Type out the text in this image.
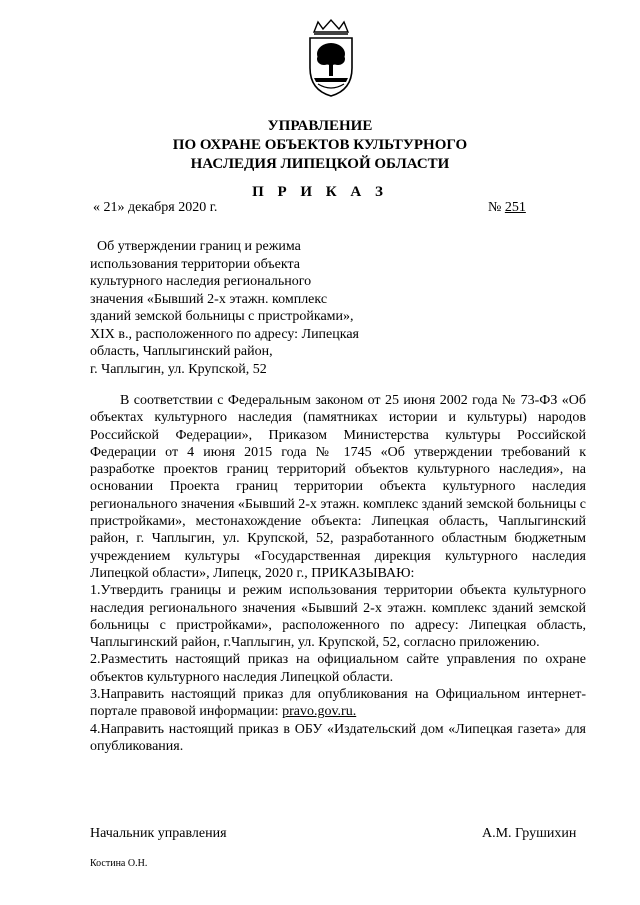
УПРАВЛЕНИЕ
ПО ОХРАНЕ ОБЪЕКТОВ КУЛЬТУРНОГО
НАСЛЕДИЯ ЛИПЕЦКОЙ ОБЛАСТИ
П Р И К А З
« 21» декабря 2020 г.	№ 251
Об утверждении границ и режима
использования территории объекта
культурного наследия регионального
значения «Бывший 2-х этажн. комплекс
зданий земской больницы с пристройками»,
XIX в., расположенного по адресу: Липецкая
область, Чаплыгинский район,
г. Чаплыгин, ул. Крупской, 52

В соответствии с Федеральным законом от 25 июня 2002 года № 73-ФЗ «Об объектах культурного наследия (памятниках истории и культуры) народов Российской Федерации», Приказом Министерства культуры Российской Федерации от 4 июня 2015 года № 1745 «Об утверждении требований к разработке проектов границ территорий объектов культурного наследия», на основании Проекта границ территории объекта культурного наследия регионального значения «Бывший 2-х этажн. комплекс зданий земской больницы с пристройками», местонахождение объекта: Липецкая область, Чаплыгинский район, г. Чаплыгин, ул. Крупской, 52, разработанного областным бюджетным учреждением культуры «Государственная дирекция культурного наследия Липецкой области», Липецк, 2020 г., ПРИКАЗЫВАЮ:

1.Утвердить границы и режим использования территории объекта культурного наследия регионального значения «Бывший 2-х этажн. комплекс зданий земской больницы с пристройками», расположенного по адресу: Липецкая область, Чаплыгинский район, г.Чаплыгин, ул. Крупской, 52, согласно приложению.

2.Разместить настоящий приказ на официальном сайте управления по охране объектов культурного наследия Липецкой области.

3.Направить настоящий приказ для опубликования на Официальном интернет-портале правовой информации: pravo.gov.ru.

4.Направить настоящий приказ в ОБУ «Издательский дом «Липецкая газета» для опубликования.

Начальник управления	А.М. Грушихин
Костина О.Н.
